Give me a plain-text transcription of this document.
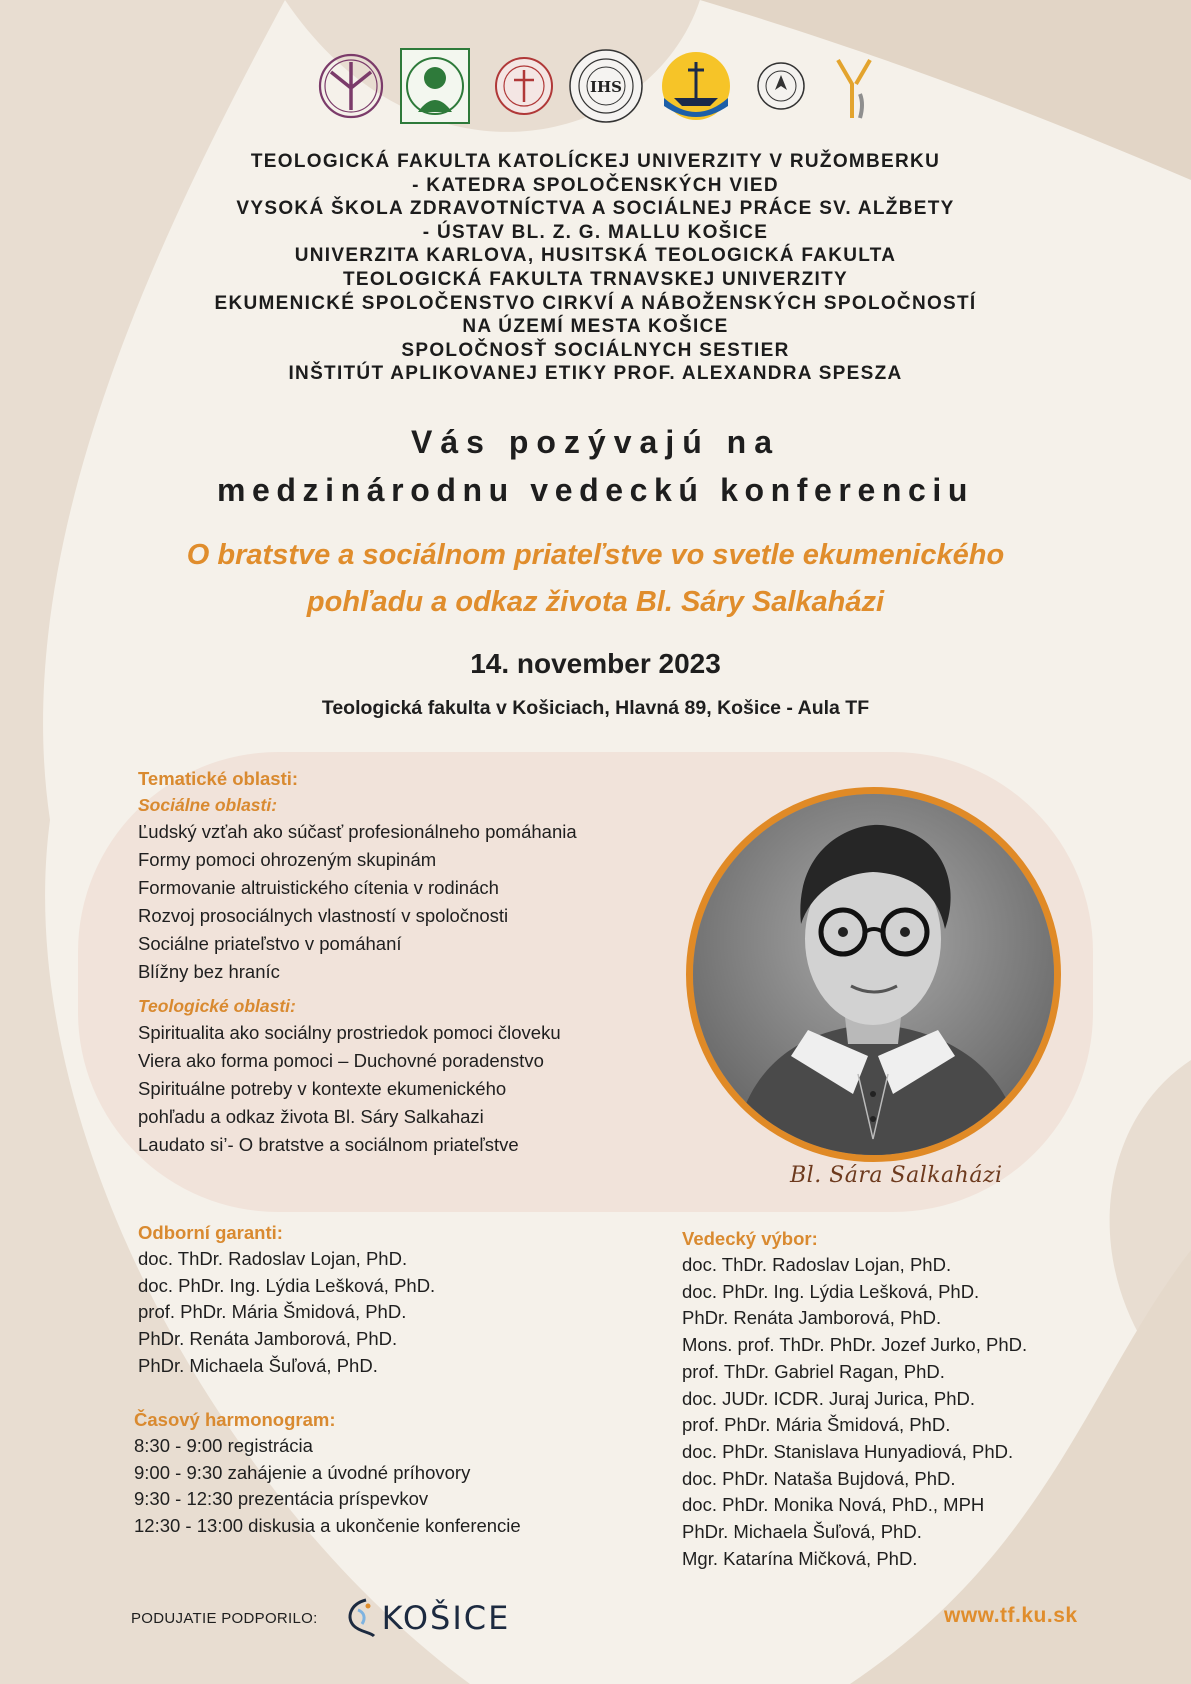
IHS
TEOLOGICKÁ FAKULTA KATOLÍCKEJ UNIVERZITY V RUŽOMBERKU
- KATEDRA SPOLOČENSKÝCH VIED
VYSOKÁ ŠKOLA ZDRAVOTNÍCTVA A SOCIÁLNEJ PRÁCE SV. ALŽBETY
- ÚSTAV BL. Z. G. MALLU KOŠICE
UNIVERZITA KARLOVA, HUSITSKÁ TEOLOGICKÁ FAKULTA
TEOLOGICKÁ FAKULTA TRNAVSKEJ UNIVERZITY
EKUMENICKÉ SPOLOČENSTVO CIRKVÍ A NÁBOŽENSKÝCH SPOLOČNOSTÍ
NA ÚZEMÍ MESTA KOŠICE
SPOLOČNOSŤ SOCIÁLNYCH SESTIER
INŠTITÚT APLIKOVANEJ ETIKY PROF. ALEXANDRA SPESZA
Vás pozývajú na
medzinárodnu vedeckú konferenciu
O bratstve a sociálnom priateľstve vo svetle ekumenického
pohľadu a odkaz života Bl. Sáry Salkaházi
14. november 2023
Teologická fakulta v Košiciach, Hlavná 89, Košice - Aula TF
Tematické oblasti:
Sociálne oblasti:
Ľudský vzťah ako súčasť profesionálneho pomáhania
Formy pomoci ohrozeným skupinám
Formovanie altruistického cítenia v rodinách
Rozvoj prosociálnych vlastností v spoločnosti
Sociálne priateľstvo v pomáhaní
Blížny bez hraníc
Teologické oblasti:
Spiritualita ako sociálny prostriedok pomoci človeku
Viera ako forma pomoci – Duchovné poradenstvo
Spirituálne potreby v kontexte ekumenického
pohľadu a odkaz života Bl. Sáry Salkahazi
Laudato si’- O bratstve a sociálnom priateľstve
Bl. Sára Salkaházi
Odborní garanti:
doc. ThDr. Radoslav Lojan, PhD.
doc. PhDr. Ing. Lýdia Lešková, PhD.
prof. PhDr. Mária Šmidová, PhD.
PhDr. Renáta Jamborová, PhD.
PhDr. Michaela Šuľová, PhD.
Časový harmonogram:
8:30 - 9:00 registrácia
9:00 - 9:30 zahájenie a úvodné príhovory
9:30 - 12:30 prezentácia príspevkov
12:30 - 13:00 diskusia a ukončenie konferencie
Vedecký výbor:
doc. ThDr. Radoslav Lojan, PhD.
doc. PhDr. Ing. Lýdia Lešková, PhD.
PhDr. Renáta Jamborová, PhD.
Mons. prof. ThDr. PhDr. Jozef Jurko, PhD.
prof. ThDr. Gabriel Ragan, PhD.
doc. JUDr. ICDR. Juraj Jurica, PhD.
prof. PhDr. Mária Šmidová, PhD.
doc. PhDr. Stanislava Hunyadiová, PhD.
doc. PhDr. Nataša Bujdová, PhD.
doc. PhDr. Monika Nová, PhD., MPH
PhDr. Michaela Šuľová, PhD.
Mgr. Katarína Mičková, PhD.
PODUJATIE PODPORILO: KOŠICE	www.tf.ku.sk
